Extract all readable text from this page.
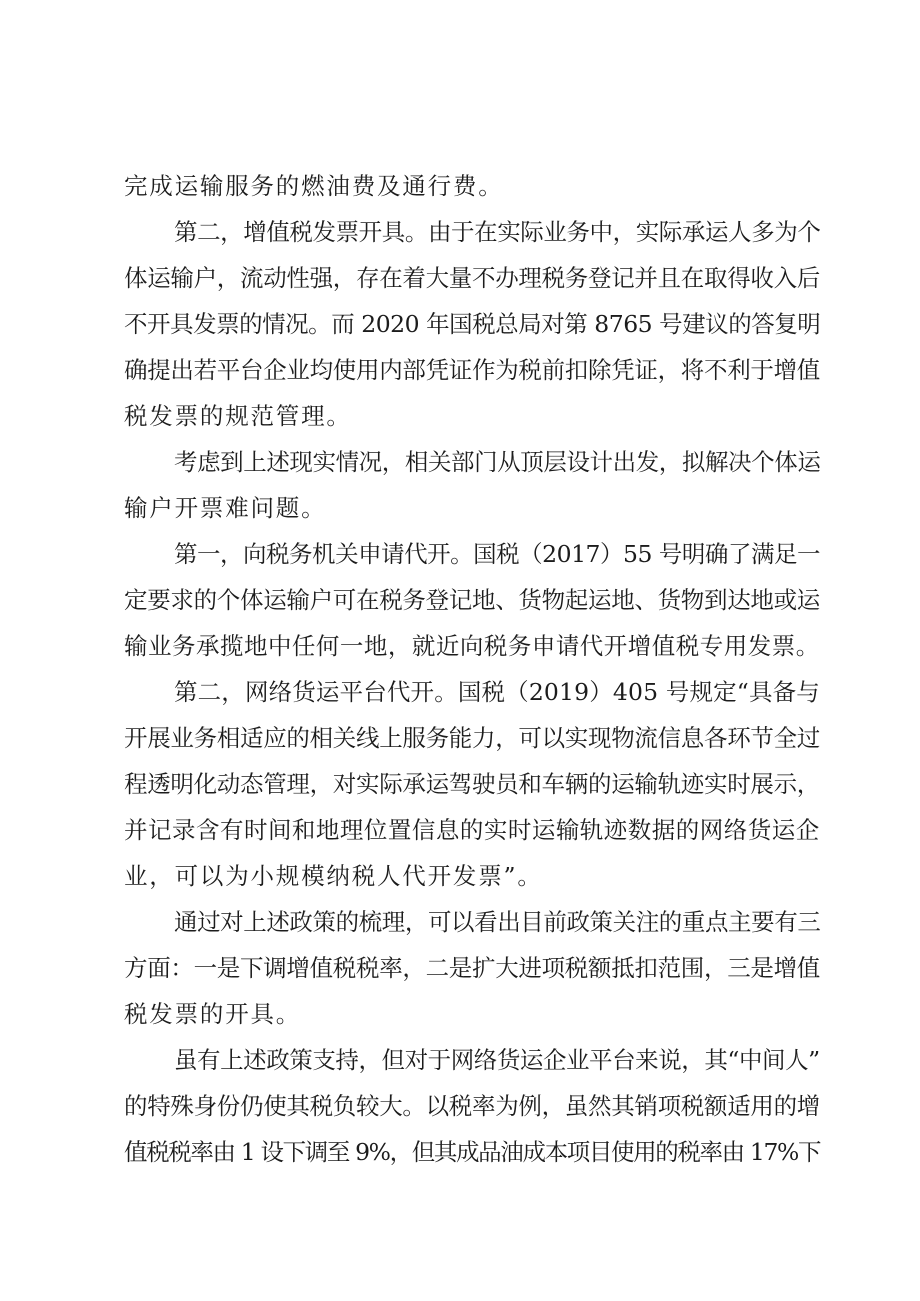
完成运输服务的燃油费及通行费。
第二，增值税发票开具。由于在实际业务中，实际承运人多为个
体运输户，流动性强，存在着大量不办理税务登记并且在取得收入后
不开具发票的情况。而 2020 年国税总局对第 8765 号建议的答复明
确提出若平台企业均使用内部凭证作为税前扣除凭证，将不利于增值
税发票的规范管理。
考虑到上述现实情况，相关部门从顶层设计出发，拟解决个体运
输户开票难问题。
第一，向税务机关申请代开。国税（2017）55 号明确了满足一
定要求的个体运输户可在税务登记地、货物起运地、货物到达地或运
输业务承揽地中任何一地，就近向税务申请代开增值税专用发票。
第二，网络货运平台代开。国税（2019）405 号规定“具备与
开展业务相适应的相关线上服务能力，可以实现物流信息各环节全过
程透明化动态管理，对实际承运驾驶员和车辆的运输轨迹实时展示，
并记录含有时间和地理位置信息的实时运输轨迹数据的网络货运企
业，可以为小规模纳税人代开发票”。
通过对上述政策的梳理，可以看出目前政策关注的重点主要有三
方面：一是下调增值税税率，二是扩大进项税额抵扣范围，三是增值
税发票的开具。
虽有上述政策支持，但对于网络货运企业平台来说，其“中间人”
的特殊身份仍使其税负较大。以税率为例，虽然其销项税额适用的增
值税税率由 1 设下调至 9%，但其成品油成本项目使用的税率由 17%下
